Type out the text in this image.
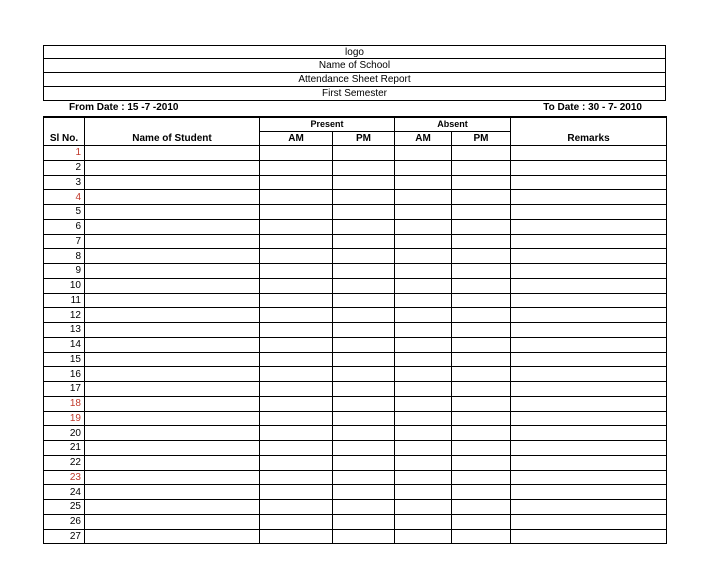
logo
Name of School
Attendance Sheet Report
First Semester
From Date : 15 -7 -2010	To Date : 30 - 7- 2010
Sl No.	Name of Student	Present		Absent		Remarks
		AM	PM	AM	PM	
1						
2						
3						
4						
5						
6						
7						
8						
9						
10						
11						
12						
13						
14						
15						
16						
17						
18						
19						
20						
21						
22						
23						
24						
25						
26						
27						
